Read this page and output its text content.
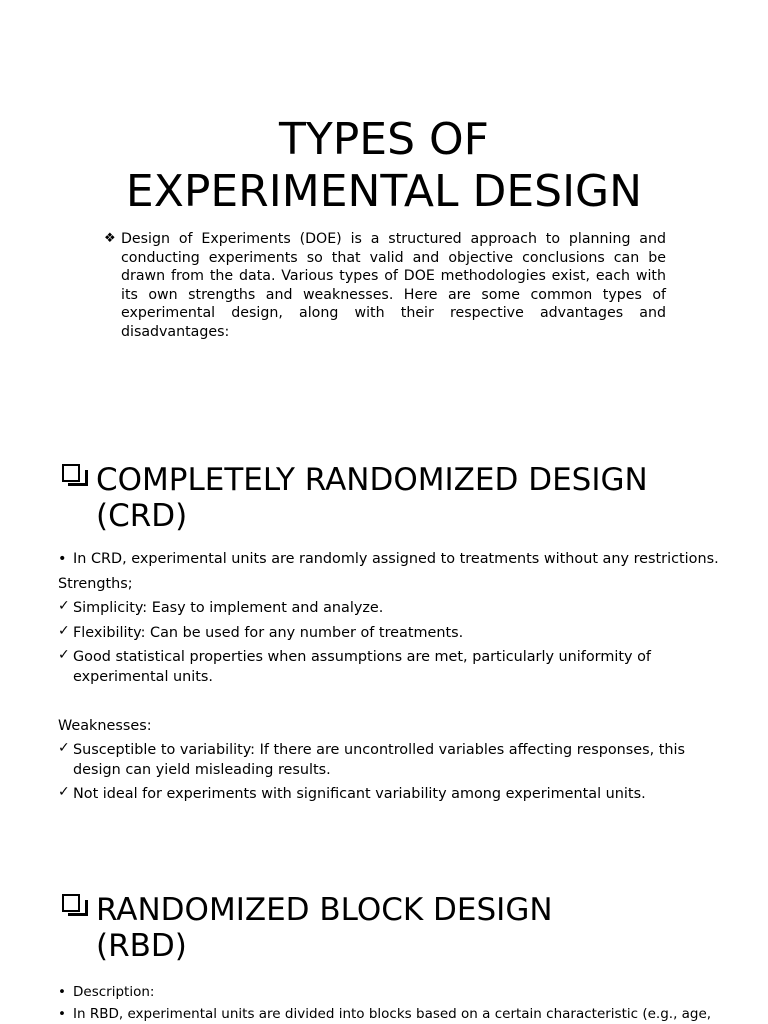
TYPES OF
EXPERIMENTAL DESIGN
❖ Design of Experiments (DOE) is a structured approach to planning and conducting experiments so that valid and objective conclusions can be drawn from the data. Various types of DOE methodologies exist, each with its own strengths and weaknesses. Here are some common types of experimental design, along with their respective advantages and disadvantages:
COMPLETELY RANDOMIZED DESIGN
(CRD)
• In CRD, experimental units are randomly assigned to treatments without any restrictions.
Strengths;
✓ Simplicity: Easy to implement and analyze.
✓ Flexibility: Can be used for any number of treatments.
✓ Good statistical properties when assumptions are met, particularly uniformity of experimental units.
Weaknesses:
✓ Susceptible to variability: If there are uncontrolled variables affecting responses, this design can yield misleading results.
✓ Not ideal for experiments with significant variability among experimental units.
RANDOMIZED BLOCK DESIGN
(RBD)
• Description:
• In RBD, experimental units are divided into blocks based on a certain characteristic (e.g., age,
